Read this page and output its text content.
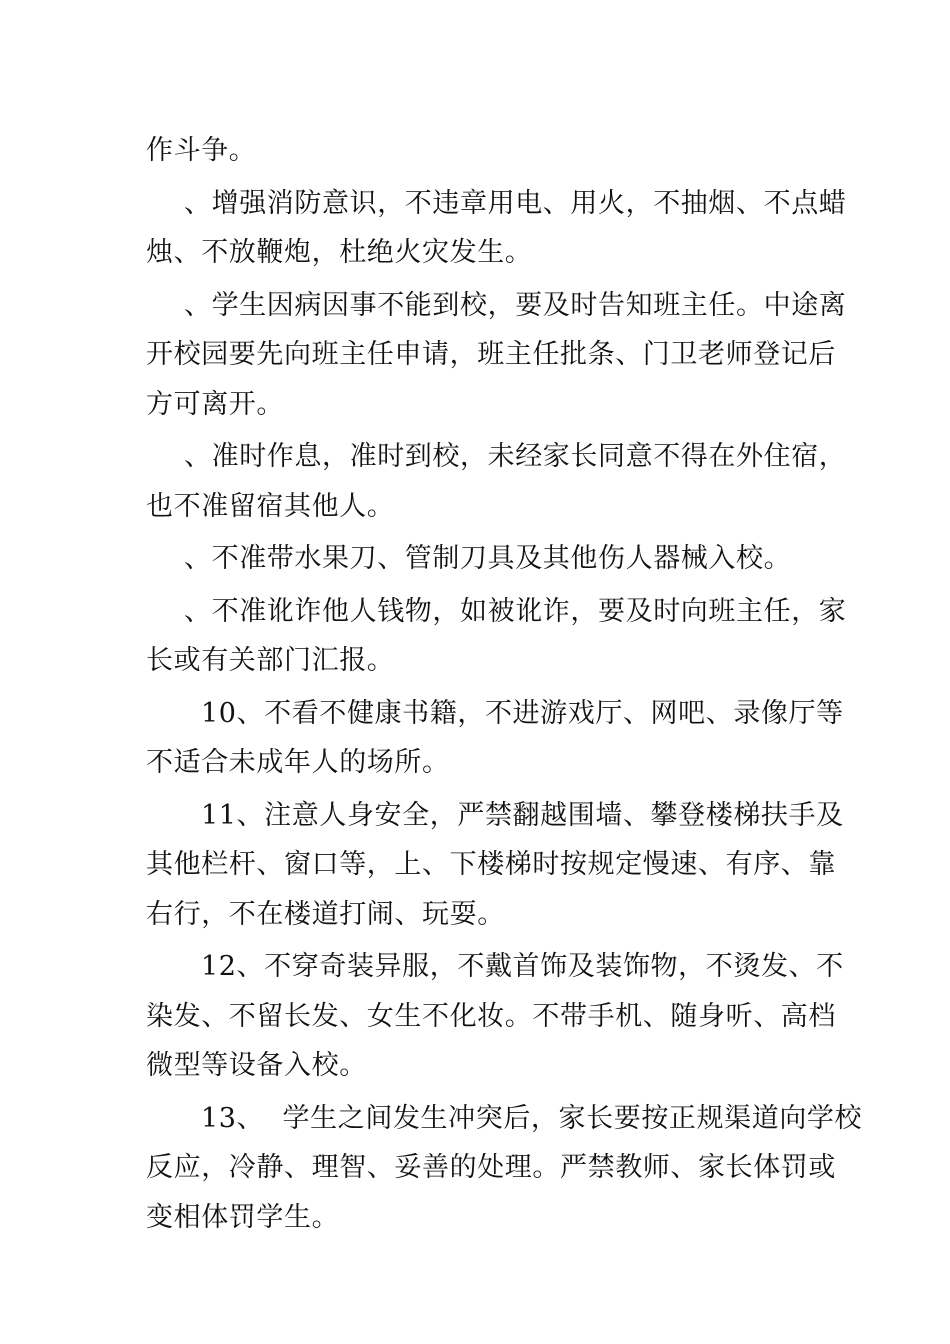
作斗争。

、增强消防意识，不违章用电、用火，不抽烟、不点蜡
烛、不放鞭炮，杜绝火灾发生。

、学生因病因事不能到校，要及时告知班主任。中途离
开校园要先向班主任申请，班主任批条、门卫老师登记后
方可离开。

、准时作息，准时到校，未经家长同意不得在外住宿，
也不准留宿其他人。

、不准带水果刀、管制刀具及其他伤人器械入校。

、不准讹诈他人钱物，如被讹诈，要及时向班主任，家
长或有关部门汇报。

10、不看不健康书籍，不进游戏厅、网吧、录像厅等
不适合未成年人的场所。

11、注意人身安全，严禁翻越围墙、攀登楼梯扶手及
其他栏杆、窗口等，上、下楼梯时按规定慢速、有序、靠
右行，不在楼道打闹、玩耍。

12、不穿奇装异服，不戴首饰及装饰物，不烫发、不
染发、不留长发、女生不化妆。不带手机、随身听、高档
微型等设备入校。

13、  学生之间发生冲突后，家长要按正规渠道向学校
反应，冷静、理智、妥善的处理。严禁教师、家长体罚或
变相体罚学生。
